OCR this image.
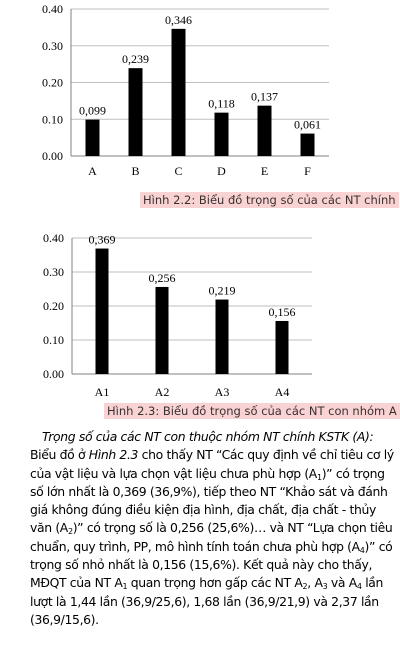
0.00
0.10
0.20
0.30
0.40
0,099
A
0,239
B
0,346
C
0,118
D
0,137
E
0,061
F
Hình 2.2: Biểu đồ trọng số của các NT chính
0.00
0.10
0.20
0.30
0.40 0,369
A1
0,256
A2
0,219
A3
0,156
A4
Hình 2.3: Biểu đồ trọng số của các NT con nhóm A

Trọng số của các NT con thuộc nhóm NT chính KSTK (A): Biểu đồ ở Hình 2.3 cho thấy NT “Các quy định về chỉ tiêu cơ lý của vật liệu và lựa chọn vật liệu chưa phù hợp $(A_1)$” có trọng số lớn nhất là 0,369 (36,9%), tiếp theo NT “Khảo sát và đánh giá không đúng điều kiện địa hình, địa chất, địa chất - thủy văn $(A_2)$” có trọng số là 0,256 (25,6%)… và NT “Lựa chọn tiêu chuẩn, quy trình, PP, mô hình tính toán chưa phù hợp $(A_4)$” có trọng số nhỏ nhất là 0,156 (15,6%). Kết quả này cho thấy, MĐQT của NT $A_1$ quan trọng hơn gấp các NT $A_2$, $A_3$ và $A_4$ lần lượt là 1,44 lần (36,9/25,6), 1,68 lần (36,9/21,9) và 2,37 lần (36,9/15,6).
